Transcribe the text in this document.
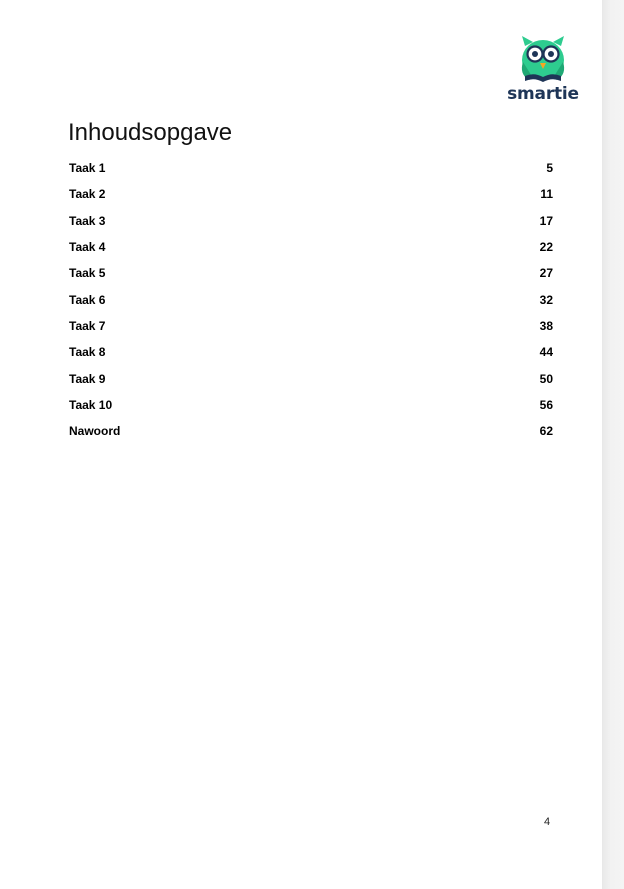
smartie
Inhoudsopgave
Taak 1	5
Taak 2	11
Taak 3	17
Taak 4	22
Taak 5	27
Taak 6	32
Taak 7	38
Taak 8	44
Taak 9	50
Taak 10	56
Nawoord	62
4
